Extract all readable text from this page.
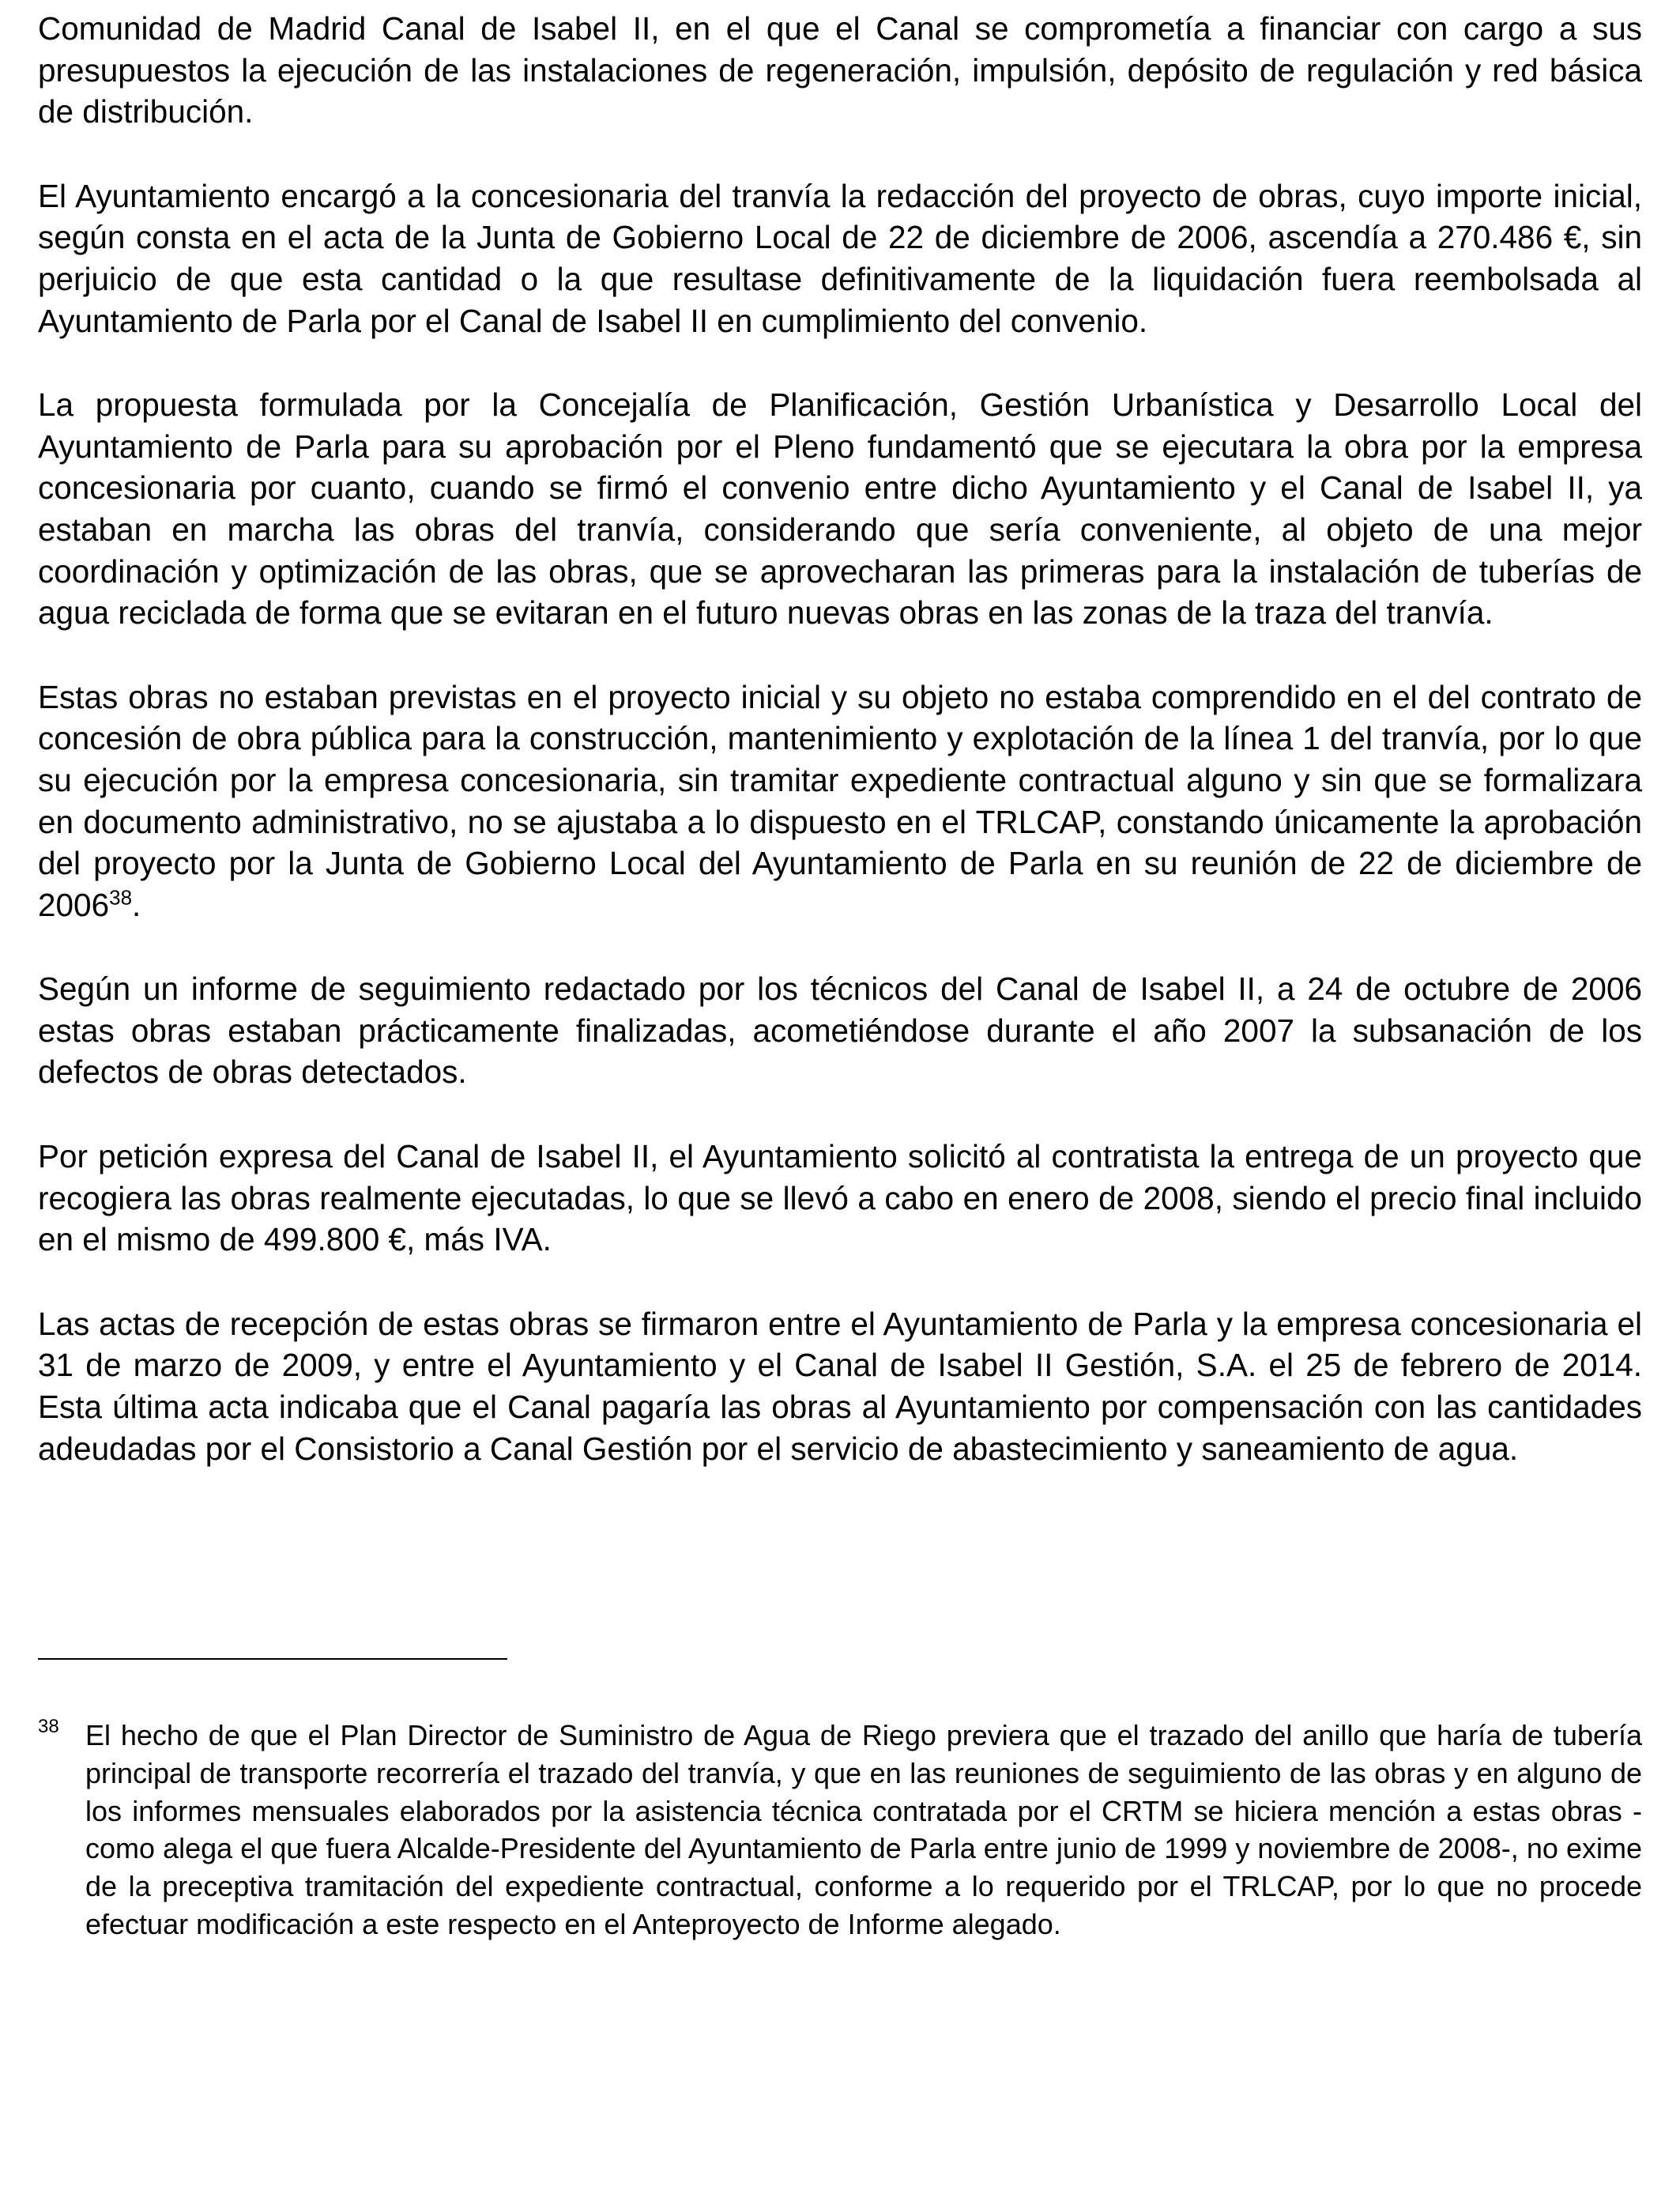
Comunidad de Madrid Canal de Isabel II, en el que el Canal se comprometía a financiar con cargo a sus presupuestos la ejecución de las instalaciones de regeneración, impulsión, depósito de regulación y red básica de distribución.

El Ayuntamiento encargó a la concesionaria del tranvía la redacción del proyecto de obras, cuyo importe inicial, según consta en el acta de la Junta de Gobierno Local de 22 de diciembre de 2006, ascendía a 270.486 €, sin perjuicio de que esta cantidad o la que resultase definitivamente de la liquidación fuera reembolsada al Ayuntamiento de Parla por el Canal de Isabel II en cumplimiento del convenio.

La propuesta formulada por la Concejalía de Planificación, Gestión Urbanística y Desarrollo Local del Ayuntamiento de Parla para su aprobación por el Pleno fundamentó que se ejecutara la obra por la empresa concesionaria por cuanto, cuando se firmó el convenio entre dicho Ayuntamiento y el Canal de Isabel II, ya estaban en marcha las obras del tranvía, considerando que sería conveniente, al objeto de una mejor coordinación y optimización de las obras, que se aprovecharan las primeras para la instalación de tuberías de agua reciclada de forma que se evitaran en el futuro nuevas obras en las zonas de la traza del tranvía.

Estas obras no estaban previstas en el proyecto inicial y su objeto no estaba comprendido en el del contrato de concesión de obra pública para la construcción, mantenimiento y explotación de la línea 1 del tranvía, por lo que su ejecución por la empresa concesionaria, sin tramitar expediente contractual alguno y sin que se formalizara en documento administrativo, no se ajustaba a lo dispuesto en el TRLCAP, constando únicamente la aprobación del proyecto por la Junta de Gobierno Local del Ayuntamiento de Parla en su reunión de 22 de diciembre de 2006$^{38}$.

Según un informe de seguimiento redactado por los técnicos del Canal de Isabel II, a 24 de octubre de 2006 estas obras estaban prácticamente finalizadas, acometiéndose durante el año 2007 la subsanación de los defectos de obras detectados.

Por petición expresa del Canal de Isabel II, el Ayuntamiento solicitó al contratista la entrega de un proyecto que recogiera las obras realmente ejecutadas, lo que se llevó a cabo en enero de 2008, siendo el precio final incluido en el mismo de 499.800 €, más IVA.

Las actas de recepción de estas obras se firmaron entre el Ayuntamiento de Parla y la empresa concesionaria el 31 de marzo de 2009, y entre el Ayuntamiento y el Canal de Isabel II Gestión, S.A. el 25 de febrero de 2014. Esta última acta indicaba que el Canal pagaría las obras al Ayuntamiento por compensación con las cantidades adeudadas por el Consistorio a Canal Gestión por el servicio de abastecimiento y saneamiento de agua.

38 El hecho de que el Plan Director de Suministro de Agua de Riego previera que el trazado del anillo que haría de tubería principal de transporte recorrería el trazado del tranvía, y que en las reuniones de seguimiento de las obras y en alguno de los informes mensuales elaborados por la asistencia técnica contratada por el CRTM se hiciera mención a estas obras -como alega el que fuera Alcalde-Presidente del Ayuntamiento de Parla entre junio de 1999 y noviembre de 2008-, no exime de la preceptiva tramitación del expediente contractual, conforme a lo requerido por el TRLCAP, por lo que no procede efectuar modificación a este respecto en el Anteproyecto de Informe alegado.
